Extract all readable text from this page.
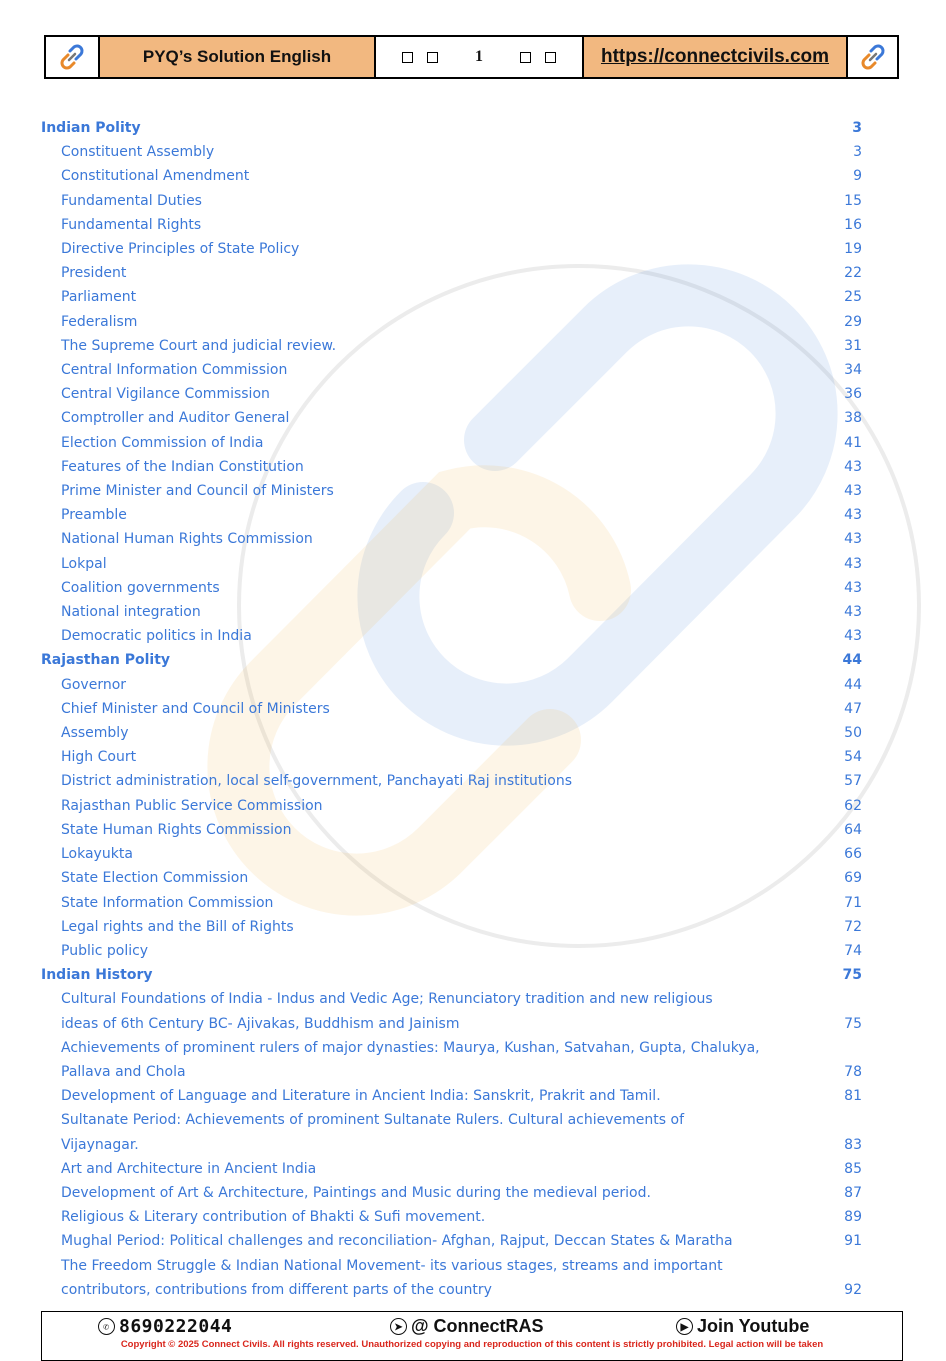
PYQ’s Solution English	1	https://connectcivils.com
Indian Polity	3
Constituent Assembly	3
Constitutional Amendment	9
Fundamental Duties	15
Fundamental Rights	16
Directive Principles of State Policy	19
President	22
Parliament	25
Federalism	29
The Supreme Court and judicial review.	31
Central Information Commission	34
Central Vigilance Commission	36
Comptroller and Auditor General	38
Election Commission of India	41
Features of the Indian Constitution	43
Prime Minister and Council of Ministers	43
Preamble	43
National Human Rights Commission	43
Lokpal	43
Coalition governments	43
National integration	43
Democratic politics in India	43
Rajasthan Polity	44
Governor	44
Chief Minister and Council of Ministers	47
Assembly	50
High Court	54
District administration, local self-government, Panchayati Raj institutions	57
Rajasthan Public Service Commission	62
State Human Rights Commission	64
Lokayukta	66
State Election Commission	69
State Information Commission	71
Legal rights and the Bill of Rights	72
Public policy	74
Indian History	75
Cultural Foundations of India - Indus and Vedic Age; Renunciatory tradition and new religious
ideas of 6th Century BC- Ajivakas, Buddhism and Jainism	75
Achievements of prominent rulers of major dynasties: Maurya, Kushan, Satvahan, Gupta, Chalukya,
Pallava and Chola	78
Development of Language and Literature in Ancient India: Sanskrit, Prakrit and Tamil.	81
Sultanate Period: Achievements of prominent Sultanate Rulers. Cultural achievements of Vijaynagar.	83
Art and Architecture in Ancient India	85
Development of Art & Architecture, Paintings and Music during the medieval period.	87
Religious & Literary contribution of Bhakti & Sufi movement.	89
Mughal Period: Political challenges and reconciliation- Afghan, Rajput, Deccan States & Maratha	91
The Freedom Struggle & Indian National Movement- its various stages, streams and important
contributors, contributions from different parts of the country	92
✆ 8690222044	➤ @ ConnectRAS	▶ Join Youtube
Copyright © 2025 Connect Civils. All rights reserved. Unauthorized copying and reproduction of this content is strictly prohibited. Legal action will be taken
